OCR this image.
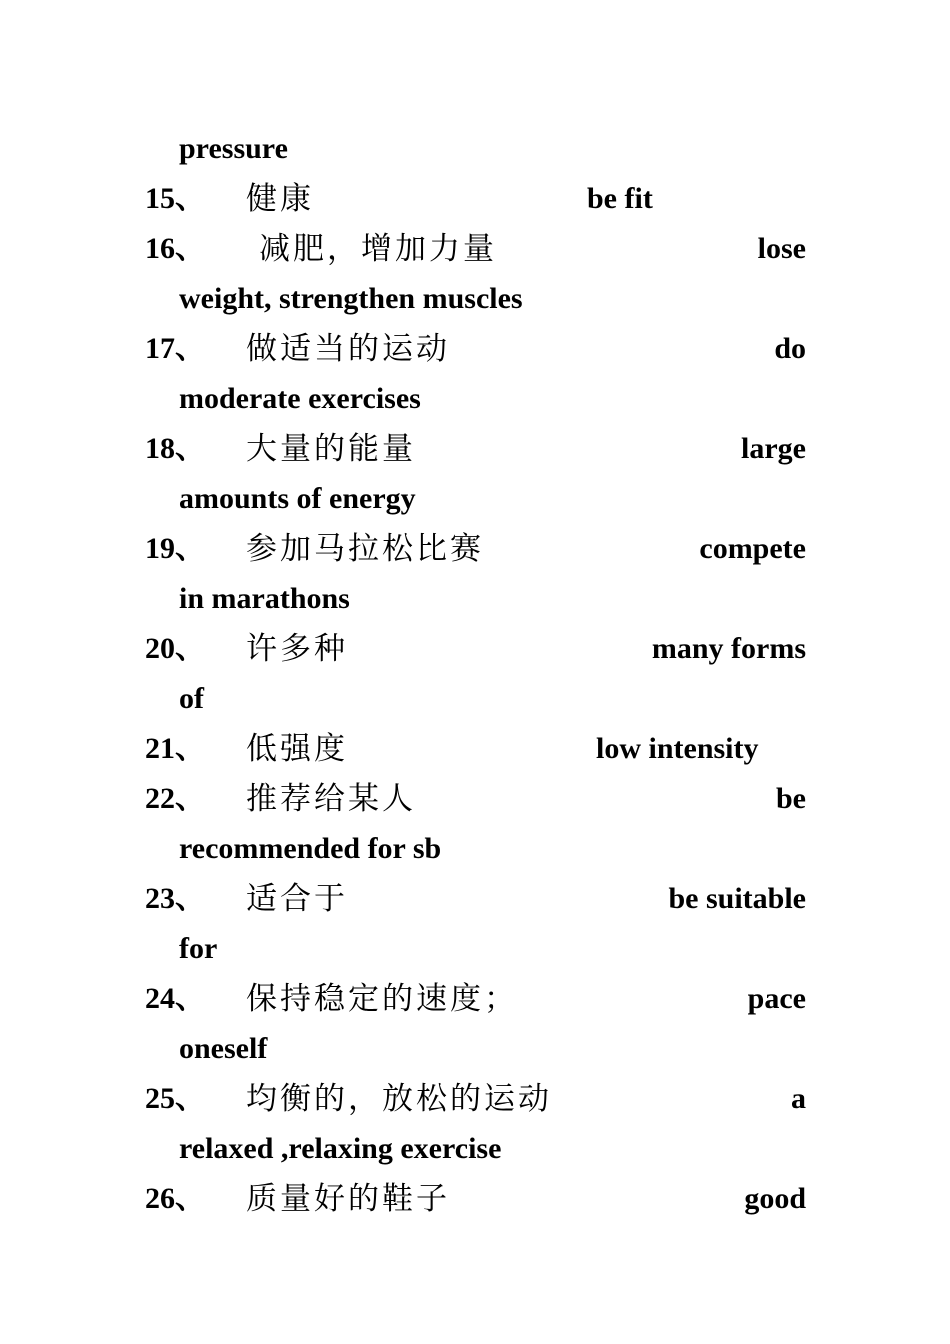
pressure
15、 健康	be fit
16、 减肥，增加力量	lose
weight, strengthen muscles
17、 做适当的运动	do
moderate exercises
18、 大量的能量	large
amounts of energy
19、 参加马拉松比赛	compete
in marathons
20、 许多种	many forms
of
21、 低强度	low intensity
22、 推荐给某人	be
recommended for sb
23、 适合于	be suitable
for
24、 保持稳定的速度；	pace
oneself
25、 均衡的，放松的运动	a
relaxed ,relaxing exercise
26、 质量好的鞋子	good
